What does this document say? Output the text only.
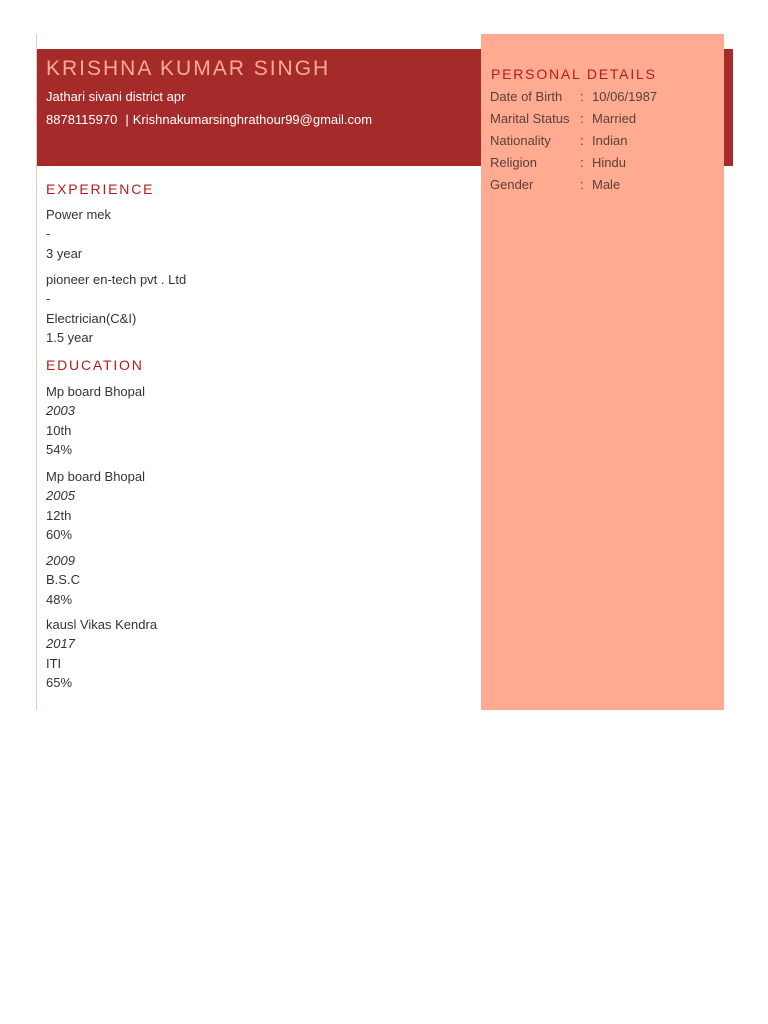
KRISHNA KUMAR SINGH
Jathari sivani district apr
8878115970 | Krishnakumarsinghrathour99@gmail.com
EXPERIENCE
Power mek
-
3 year
pioneer en-tech pvt . Ltd
-
Electrician(C&I)
1.5 year
EDUCATION
Mp board Bhopal
2003
10th
54%
Mp board Bhopal
2005
12th
60%
2009
B.S.C
48%
kausl Vikas Kendra
2017
ITI
65%
PERSONAL DETAILS
Date of Birth : 10/06/1987
Marital Status : Married
Nationality : Indian
Religion	: Hindu
Gender	: Male
